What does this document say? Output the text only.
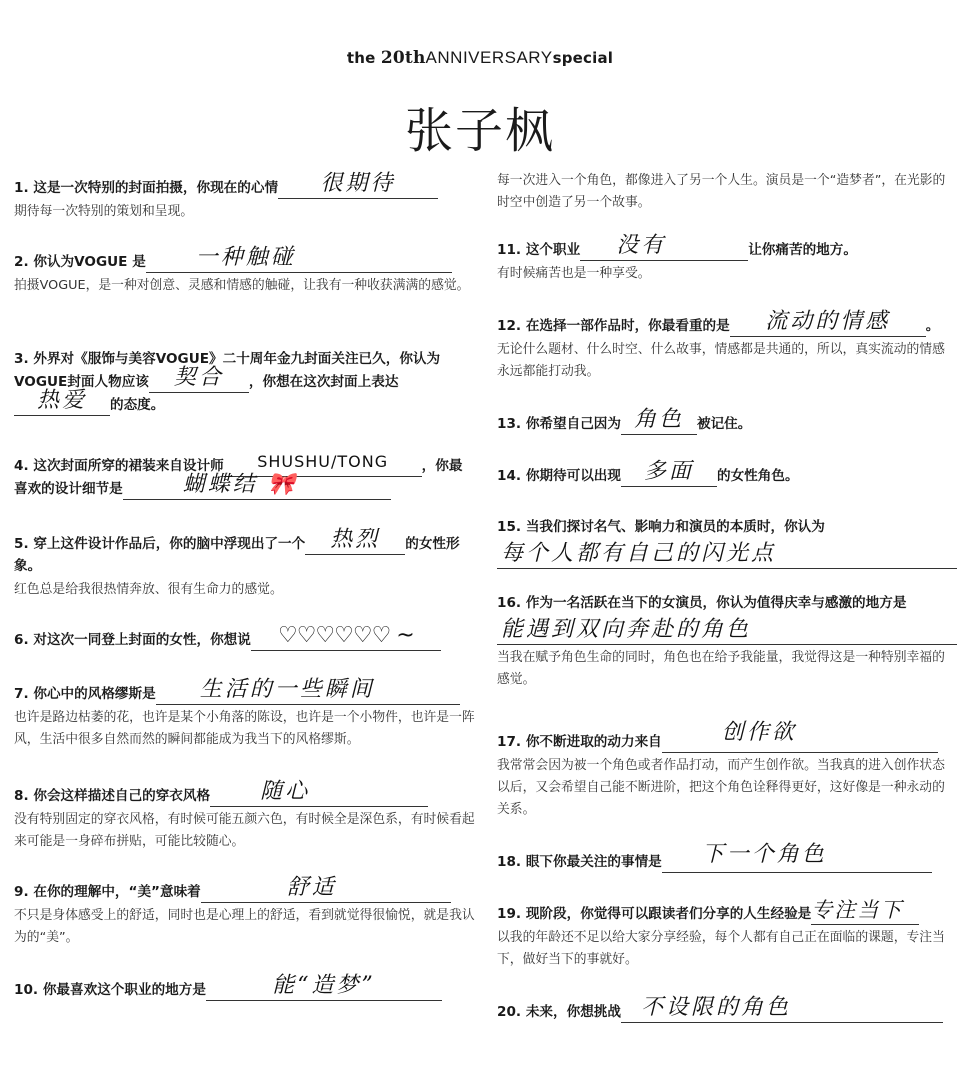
the 20thANNIVERSARYspecial
张子枫
1. 这是一次特别的封面拍摄，你现在的心情	很期待
期待每一次特别的策划和呈现。
2. 你认为VOGUE 是 一种触碰
拍摄VOGUE，是一种对创意、灵感和情感的触碰，让我有一种收获满满的感觉。
3. 外界对《服饰与美容VOGUE》二十周年金九封面关注已久，你认为VOGUE封面人物应该	契合	，你想在这次封面上表达
热爱	的态度。
4. 这次封面所穿的裙装来自设计师	SHUSHU/TONG	，你最喜欢的设计细节是	蝴蝶结 🎀
5. 穿上这件设计作品后，你的脑中浮现出了一个	热烈	的女性形象。
红色总是给我很热情奔放、很有生命力的感觉。
6. 对这次一同登上封面的女性，你想说	♡♡♡♡♡♡ ~
7. 你心中的风格缪斯是 生活的一些瞬间
也许是路边枯萎的花，也许是某个小角落的陈设，也许是一个小物件，也许是一阵风，生活中很多自然而然的瞬间都能成为我当下的风格缪斯。
8. 你会这样描述自己的穿衣风格 随心
没有特别固定的穿衣风格，有时候可能五颜六色，有时候全是深色系，有时候看起来可能是一身碎布拼贴，可能比较随心。
9. 在你的理解中，“美”意味着	舒适
不只是身体感受上的舒适，同时也是心理上的舒适，看到就觉得很愉悦，就是我认为的“美”。
10. 你最喜欢这个职业的地方是	能“造梦”
每一次进入一个角色，都像进入了另一个人生。演员是一个“造梦者”，在光影的时空中创造了另一个故事。
11. 这个职业 没有	让你痛苦的地方。
有时候痛苦也是一种享受。
12. 在选择一部作品时，你最看重的是	流动的情感	。
无论什么题材、什么时空、什么故事，情感都是共通的，所以，真实流动的情感永远都能打动我。
13. 你希望自己因为 角色 被记住。
14. 你期待可以出现	多面	的女性角色。
15. 当我们探讨名气、影响力和演员的本质时，你认为
每个人都有自己的闪光点
16. 作为一名活跃在当下的女演员，你认为值得庆幸与感激的地方是
能遇到双向奔赴的角色
当我在赋予角色生命的同时，角色也在给予我能量，我觉得这是一种特别幸福的感觉。
17. 你不断进取的动力来自	创作欲
我常常会因为被一个角色或者作品打动，而产生创作欲。当我真的进入创作状态以后，又会希望自己能不断进阶，把这个角色诠释得更好，这好像是一种永动的关系。
18. 眼下你最关注的事情是 下一个角色
19. 现阶段，你觉得可以跟读者们分享的人生经验是 专注当下
以我的年龄还不足以给大家分享经验，每个人都有自己正在面临的课题，专注当下，做好当下的事就好。
20. 未来，你想挑战 不设限的角色
